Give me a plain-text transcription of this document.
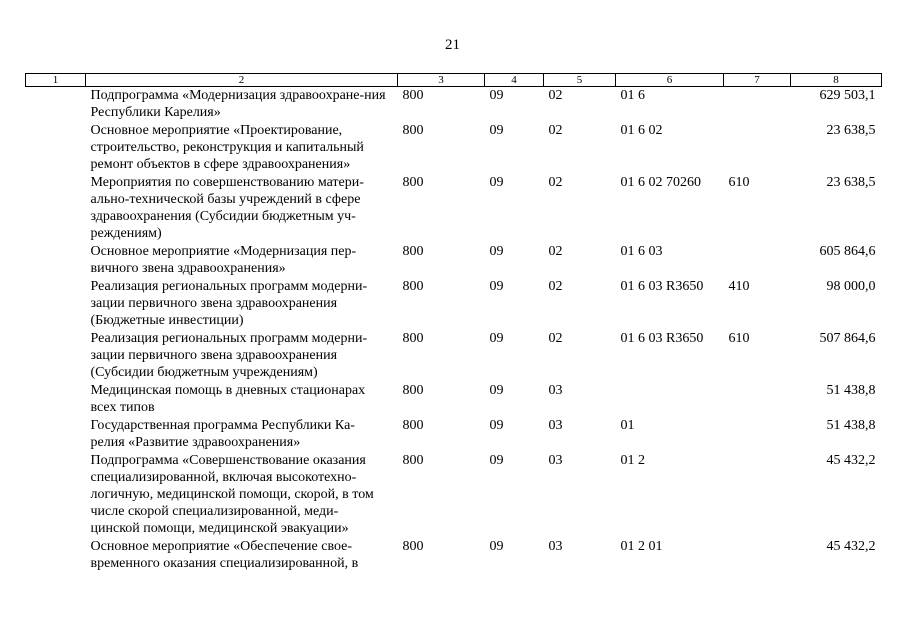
21
1	2	3	4	5	6	7	8
	Подпрограмма «Модернизация здравоохране-ния Республики Карелия»	800	09	02	01 6		629 503,1
	Основное мероприятие «Проектирование, строительство, реконструкция и капитальный ремонт объектов в сфере здравоохранения»	800	09	02	01 6 02		23 638,5
	Мероприятия по совершенствованию матери-ально-технической базы учреждений в сфере здравоохранения (Субсидии бюджетным уч-реждениям)	800	09	02	01 6 02 70260	610	23 638,5
	Основное мероприятие «Модернизация пер-вичного звена здравоохранения»	800	09	02	01 6 03		605 864,6
	Реализация региональных программ модерни-зации первичного звена здравоохранения (Бюджетные инвестиции)	800	09	02	01 6 03 R3650	410	98 000,0
	Реализация региональных программ модерни-зации первичного звена здравоохранения (Субсидии бюджетным учреждениям)	800	09	02	01 6 03 R3650	610	507 864,6
	Медицинская помощь в дневных стационарах всех типов	800	09	03			51 438,8
	Государственная программа Республики Ка-релия «Развитие здравоохранения»	800	09	03	01		51 438,8
	Подпрограмма «Совершенствование оказания специализированной, включая высокотехно-логичную, медицинской помощи, скорой, в том числе скорой специализированной, меди-цинской помощи, медицинской эвакуации»	800	09	03	01 2		45 432,2
	Основное мероприятие «Обеспечение свое-временного оказания специализированной, в	800	09	03	01 2 01		45 432,2
